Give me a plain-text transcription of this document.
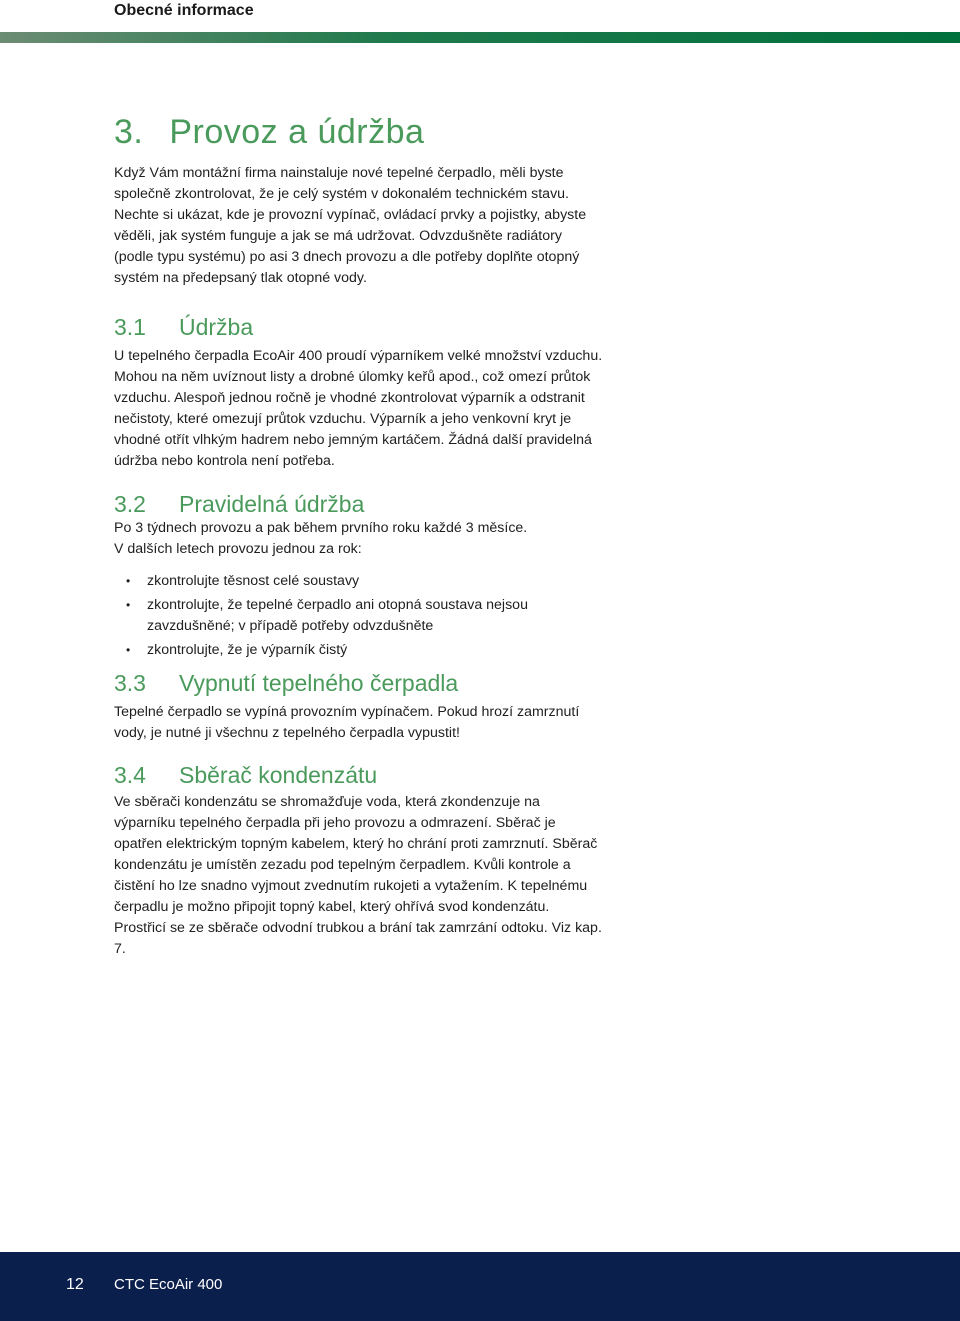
Obecné informace
3. Provoz a údržba

Když Vám montážní firma nainstaluje nové tepelné čerpadlo, měli byste společně zkontrolovat, že je celý systém v dokonalém technickém stavu. Nechte si ukázat, kde je provozní vypínač, ovládací prvky a pojistky, abyste věděli, jak systém funguje a jak se má udržovat. Odvzdušněte radiátory (podle typu systému) po asi 3 dnech provozu a dle potřeby doplňte otopný systém na předepsaný tlak otopné vody.

3.1 Údržba

U tepelného čerpadla EcoAir 400 proudí výparníkem velké množství vzduchu. Mohou na něm uvíznout listy a drobné úlomky keřů apod., což omezí průtok vzduchu. Alespoň jednou ročně je vhodné zkontrolovat výparník a odstranit nečistoty, které omezují průtok vzduchu. Výparník a jeho venkovní kryt je vhodné otřít vlhkým hadrem nebo jemným kartáčem. Žádná další pravidelná údržba nebo kontrola není potřeba.

3.2 Pravidelná údržba

Po 3 týdnech provozu a pak během prvního roku každé 3 měsíce.

V dalších letech provozu jednou za rok:

• zkontrolujte těsnost celé soustavy
• zkontrolujte, že tepelné čerpadlo ani otopná soustava nejsou zavzdušněné; v případě potřeby odvzdušněte
• zkontrolujte, že je výparník čistý
3.3 Vypnutí tepelného čerpadla

Tepelné čerpadlo se vypíná provozním vypínačem. Pokud hrozí zamrznutí vody, je nutné ji všechnu z tepelného čerpadla vypustit!

3.4 Sběrač kondenzátu

Ve sběrači kondenzátu se shromažďuje voda, která zkondenzuje na výparníku tepelného čerpadla při jeho provozu a odmrazení. Sběrač je opatřen elektrickým topným kabelem, který ho chrání proti zamrznutí. Sběrač kondenzátu je umístěn zezadu pod tepelným čerpadlem. Kvůli kontrole a čistění ho lze snadno vyjmout zvednutím rukojeti a vytažením. K tepelnému čerpadlu je možno připojit topný kabel, který ohřívá svod kondenzátu. Prostřicí se ze sběrače odvodní trubkou a brání tak zamrzání odtoku. Viz kap. 7.

12 CTC EcoAir 400
